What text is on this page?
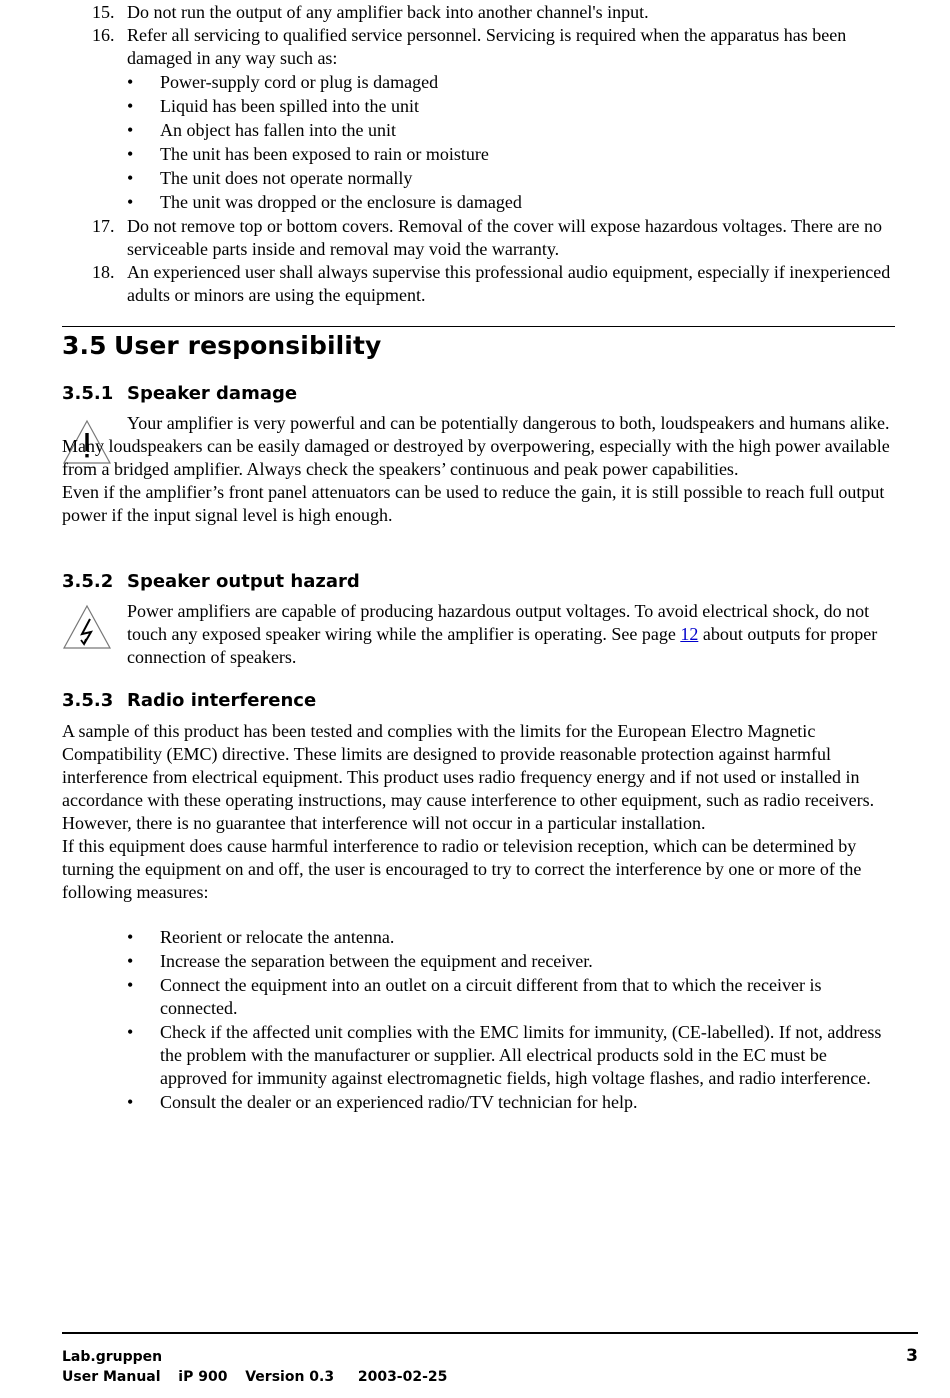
15. Do not run the output of any amplifier back into another channel's input.
16. Refer all servicing to qualified service personnel. Servicing is required when the apparatus has been damaged in any way such as:
• Power-supply cord or plug is damaged
• Liquid has been spilled into the unit
• An object has fallen into the unit
• The unit has been exposed to rain or moisture
• The unit does not operate normally
• The unit was dropped or the enclosure is damaged
17. Do not remove top or bottom covers. Removal of the cover will expose hazardous voltages. There are no serviceable parts inside and removal may void the warranty.
18. An experienced user shall always supervise this professional audio equipment, especially if inexperienced adults or minors are using the equipment.
3.5 User responsibility
3.5.1 Speaker damage
Your amplifier is very powerful and can be potentially dangerous to both, loudspeakers and humans alike. Many loudspeakers can be easily damaged or destroyed by overpowering, especially with the high power available from a bridged amplifier. Always check the speakers’ continuous and peak power capabilities.
Even if the amplifier’s front panel attenuators can be used to reduce the gain, it is still possible to reach full output power if the input signal level is high enough.
3.5.2 Speaker output hazard
Power amplifiers are capable of producing hazardous output voltages. To avoid electrical shock, do not touch any exposed speaker wiring while the amplifier is operating. See page 12 about outputs for proper connection of speakers.
3.5.3 Radio interference
A sample of this product has been tested and complies with the limits for the European Electro Magnetic Compatibility (EMC) directive. These limits are designed to provide reasonable protection against harmful interference from electrical equipment. This product uses radio frequency energy and if not used or installed in accordance with these operating instructions, may cause interference to other equipment, such as radio receivers. However, there is no guarantee that interference will not occur in a particular installation.
If this equipment does cause harmful interference to radio or television reception, which can be determined by turning the equipment on and off, the user is encouraged to try to correct the interference by one or more of the following measures:
• Reorient or relocate the antenna.
• Increase the separation between the equipment and receiver.
• Connect the equipment into an outlet on a circuit different from that to which the receiver is connected.
• Check if the affected unit complies with the EMC limits for immunity, (CE-labelled). If not, address the problem with the manufacturer or supplier. All electrical products sold in the EC must be approved for immunity against electromagnetic fields, high voltage flashes, and radio interference.
• Consult the dealer or an experienced radio/TV technician for help.
Lab.gruppen
User Manual iP 900 Version 0.3 2003-02-25
3
